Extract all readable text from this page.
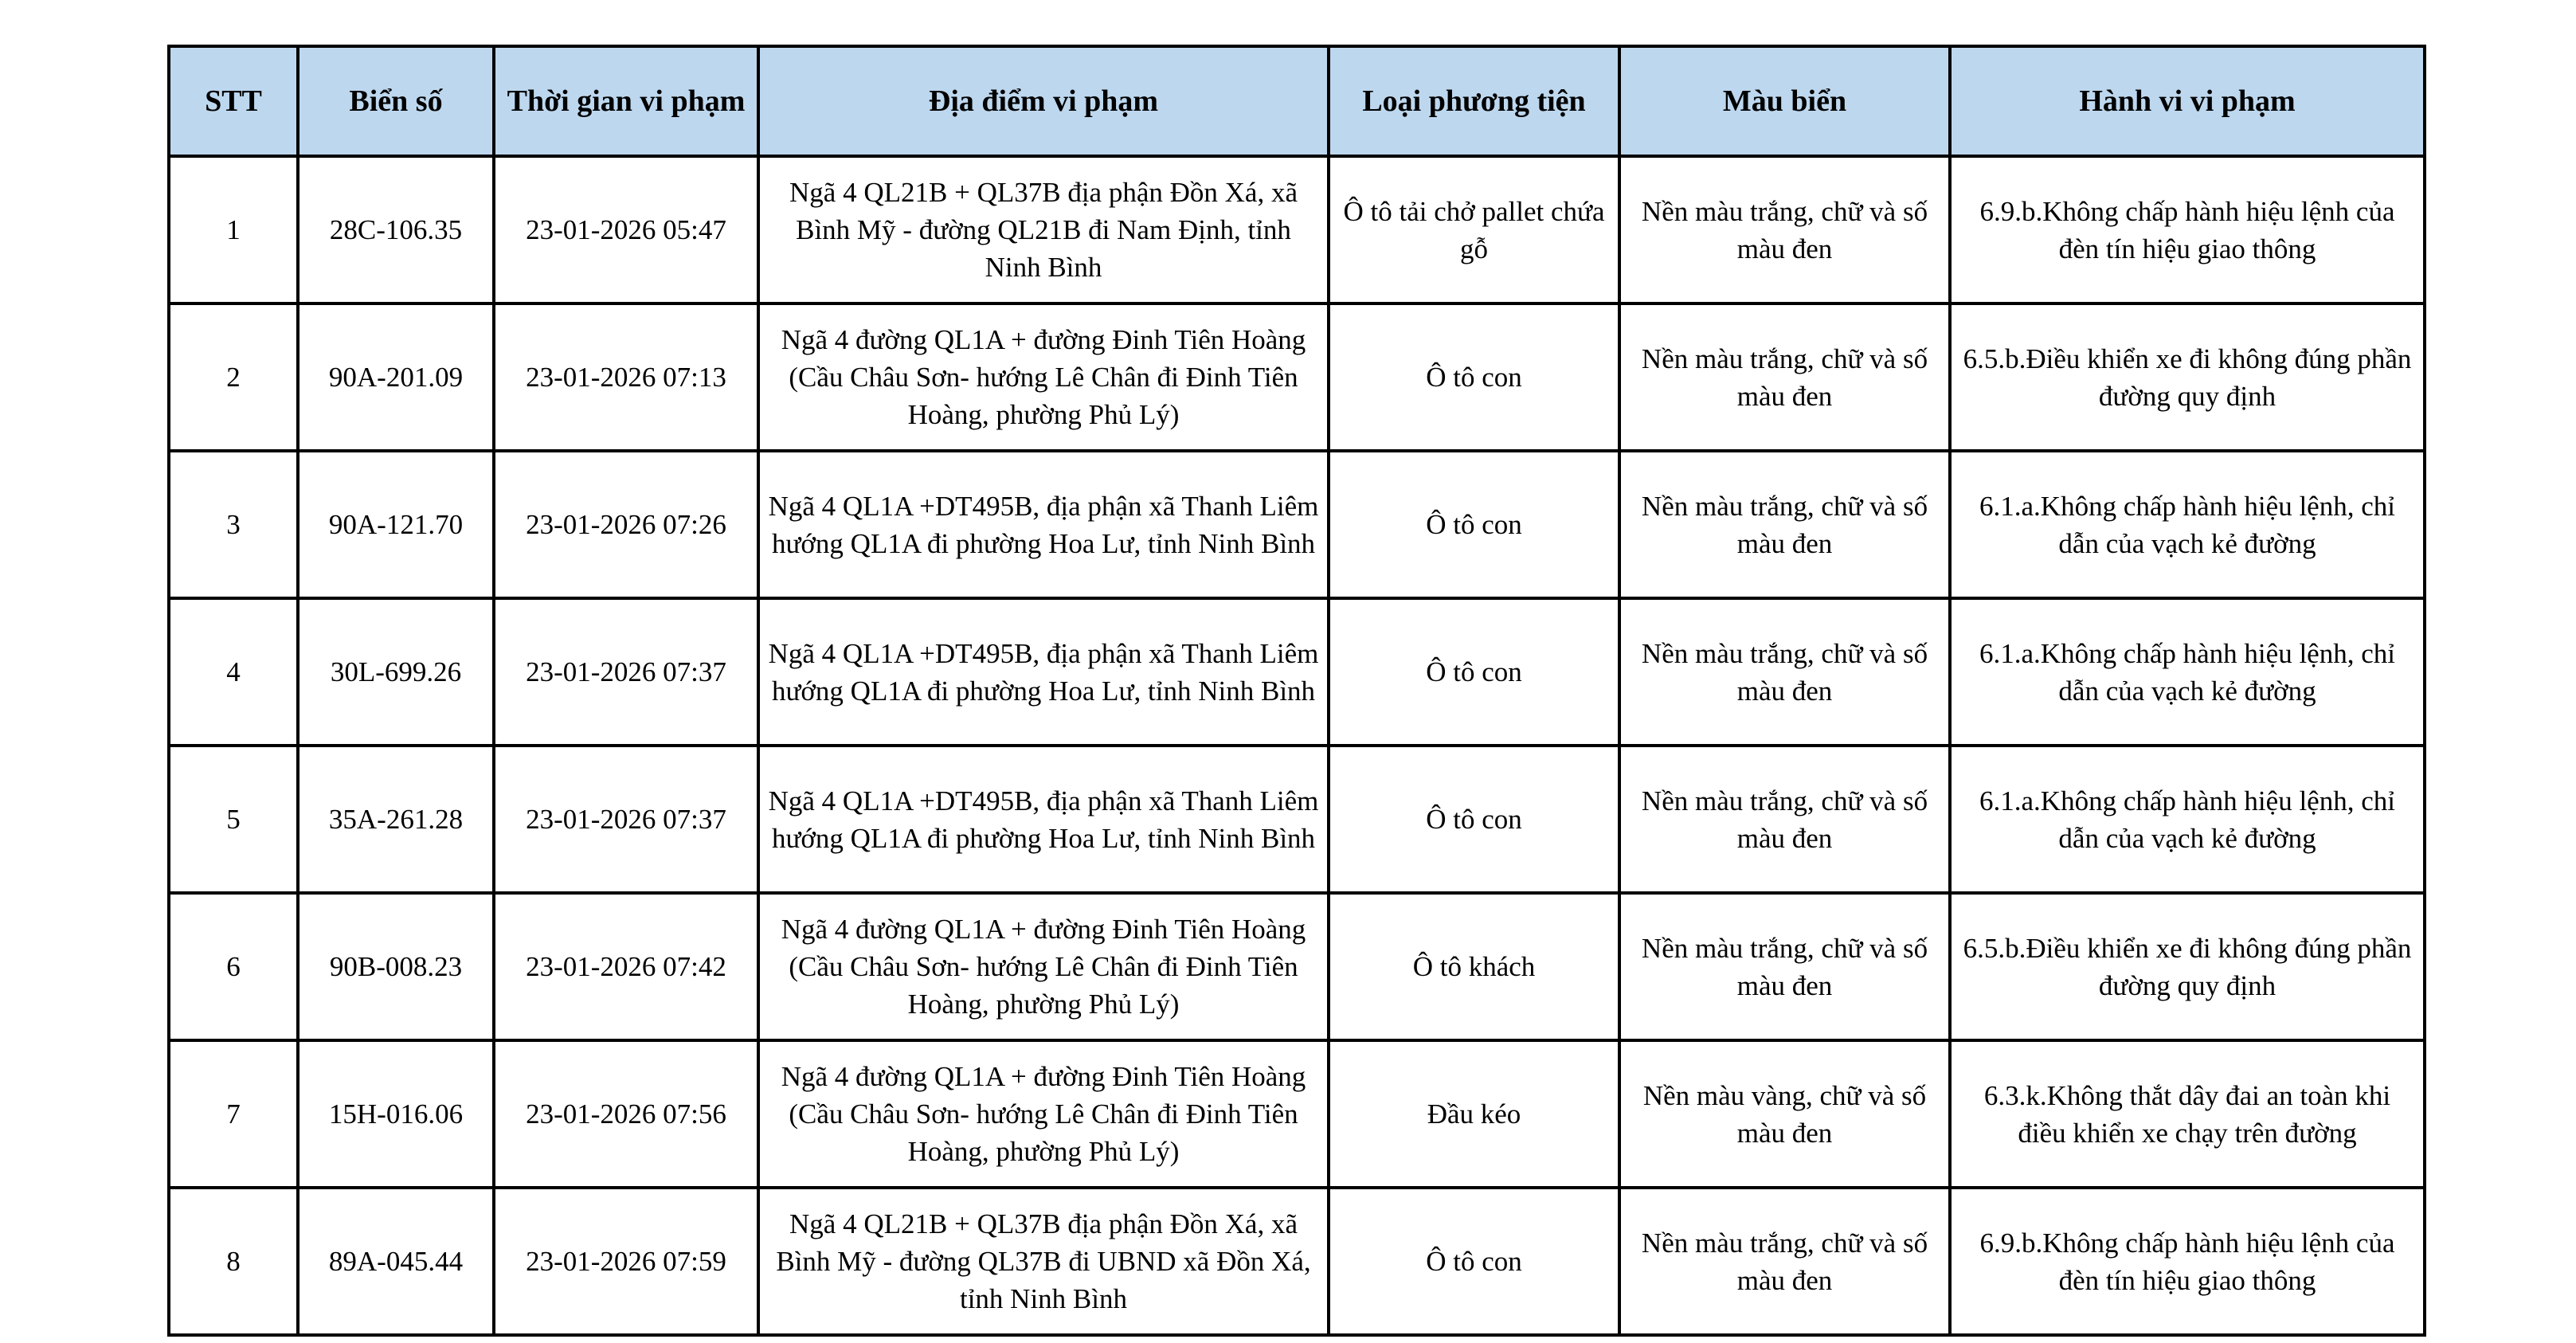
STT	Biển số	Thời gian vi phạm	Địa điểm vi phạm	Loại phương tiện	Màu biển	Hành vi vi phạm
1	28C-106.35	23-01-2026 05:47	Ngã 4 QL21B + QL37B địa phận Đồn Xá, xã Bình Mỹ - đường QL21B đi Nam Định, tỉnh Ninh Bình	Ô tô tải chở pallet chứa gỗ	Nền màu trắng, chữ và số màu đen	6.9.b.Không chấp hành hiệu lệnh của đèn tín hiệu giao thông
2	90A-201.09	23-01-2026 07:13	Ngã 4 đường QL1A + đường Đinh Tiên Hoàng (Cầu Châu Sơn- hướng Lê Chân đi Đinh Tiên Hoàng, phường Phủ Lý)	Ô tô con	Nền màu trắng, chữ và số màu đen	6.5.b.Điều khiển xe đi không đúng phần đường quy định
3	90A-121.70	23-01-2026 07:26	Ngã 4 QL1A +DT495B, địa phận xã Thanh Liêm hướng QL1A đi phường Hoa Lư, tỉnh Ninh Bình	Ô tô con	Nền màu trắng, chữ và số màu đen	6.1.a.Không chấp hành hiệu lệnh, chỉ dẫn của vạch kẻ đường
4	30L-699.26	23-01-2026 07:37	Ngã 4 QL1A +DT495B, địa phận xã Thanh Liêm hướng QL1A đi phường Hoa Lư, tỉnh Ninh Bình	Ô tô con	Nền màu trắng, chữ và số màu đen	6.1.a.Không chấp hành hiệu lệnh, chỉ dẫn của vạch kẻ đường
5	35A-261.28	23-01-2026 07:37	Ngã 4 QL1A +DT495B, địa phận xã Thanh Liêm hướng QL1A đi phường Hoa Lư, tỉnh Ninh Bình	Ô tô con	Nền màu trắng, chữ và số màu đen	6.1.a.Không chấp hành hiệu lệnh, chỉ dẫn của vạch kẻ đường
6	90B-008.23	23-01-2026 07:42	Ngã 4 đường QL1A + đường Đinh Tiên Hoàng (Cầu Châu Sơn- hướng Lê Chân đi Đinh Tiên Hoàng, phường Phủ Lý)	Ô tô khách	Nền màu trắng, chữ và số màu đen	6.5.b.Điều khiển xe đi không đúng phần đường quy định
7	15H-016.06	23-01-2026 07:56	Ngã 4 đường QL1A + đường Đinh Tiên Hoàng (Cầu Châu Sơn- hướng Lê Chân đi Đinh Tiên Hoàng, phường Phủ Lý)	Đầu kéo	Nền màu vàng, chữ và số màu đen	6.3.k.Không thắt dây đai an toàn khi điều khiển xe chạy trên đường
8	89A-045.44	23-01-2026 07:59	Ngã 4 QL21B + QL37B địa phận Đồn Xá, xã Bình Mỹ - đường QL37B đi UBND xã Đồn Xá, tỉnh Ninh Bình	Ô tô con	Nền màu trắng, chữ và số màu đen	6.9.b.Không chấp hành hiệu lệnh của đèn tín hiệu giao thông
